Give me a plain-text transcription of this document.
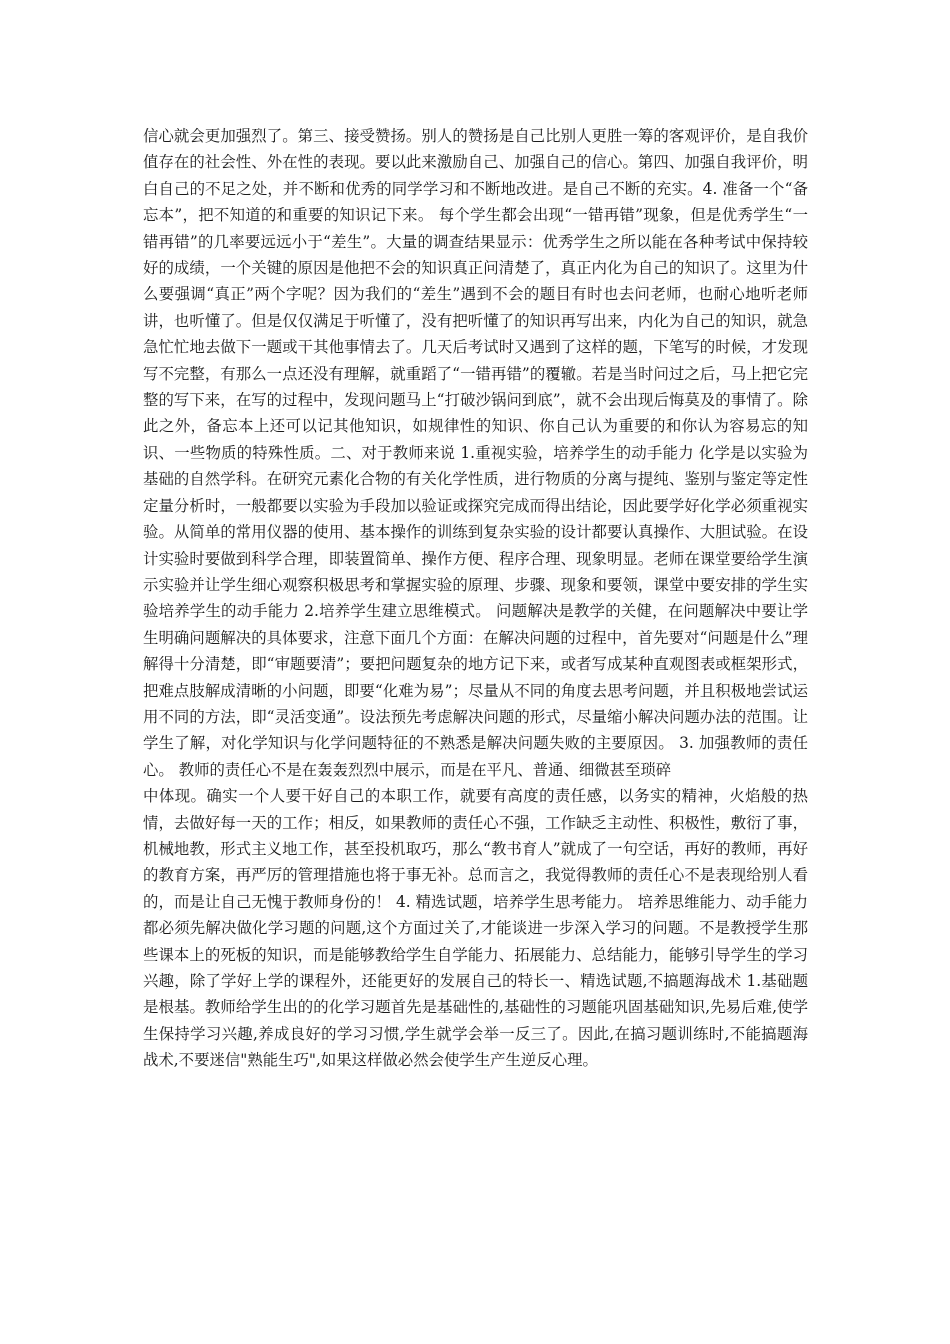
信心就会更加强烈了。第三、接受赞扬。别人的赞扬是自己比别人更胜一筹的客观评价，是自我价值存在的社会性、外在性的表现。要以此来激励自己、加强自己的信心。第四、加强自我评价，明白自己的不足之处，并不断和优秀的同学学习和不断地改进。是自己不断的充实。4. 准备一个“备忘本”，把不知道的和重要的知识记下来。 每个学生都会出现“一错再错”现象，但是优秀学生“一错再错”的几率要远远小于“差生”。大量的调查结果显示：优秀学生之所以能在各种考试中保持较好的成绩，一个关键的原因是他把不会的知识真正问清楚了，真正内化为自己的知识了。这里为什么要强调“真正”两个字呢？因为我们的“差生”遇到不会的题目有时也去问老师，也耐心地听老师讲，也听懂了。但是仅仅满足于听懂了，没有把听懂了的知识再写出来，内化为自己的知识，就急急忙忙地去做下一题或干其他事情去了。几天后考试时又遇到了这样的题，下笔写的时候，才发现写不完整，有那么一点还没有理解，就重蹈了“一错再错”的覆辙。若是当时问过之后，马上把它完整的写下来，在写的过程中，发现问题马上“打破沙锅问到底”，就不会出现后悔莫及的事情了。除此之外，备忘本上还可以记其他知识，如规律性的知识、你自己认为重要的和你认为容易忘的知识、一些物质的特殊性质。二、对于教师来说 1.重视实验，培养学生的动手能力 化学是以实验为基础的自然学科。在研究元素化合物的有关化学性质，进行物质的分离与提纯、鉴别与鉴定等定性定量分析时，一般都要以实验为手段加以验证或探究完成而得出结论，因此要学好化学必须重视实验。从简单的常用仪器的使用、基本操作的训练到复杂实验的设计都要认真操作、大胆试验。在设计实验时要做到科学合理，即装置简单、操作方便、程序合理、现象明显。老师在课堂要给学生演示实验并让学生细心观察积极思考和掌握实验的原理、步骤、现象和要领，课堂中要安排的学生实验培养学生的动手能力 2.培养学生建立思维模式。 问题解决是教学的关健，在问题解决中要让学生明确问题解决的具体要求，注意下面几个方面：在解决问题的过程中，首先要对“问题是什么”理解得十分清楚，即“审题要清”；要把问题复杂的地方记下来，或者写成某种直观图表或框架形式，把难点肢解成清晰的小问题，即要“化难为易”；尽量从不同的角度去思考问题，并且积极地尝试运用不同的方法，即“灵活变通”。设法预先考虑解决问题的形式，尽量缩小解决问题办法的范围。让学生了解，对化学知识与化学问题特征的不熟悉是解决问题失败的主要原因。 3. 加强教师的责任心。 教师的责任心不是在轰轰烈烈中展示，而是在平凡、普通、细微甚至琐碎

中体现。确实一个人要干好自己的本职工作，就要有高度的责任感，以务实的精神，火焰般的热情，去做好每一天的工作；相反，如果教师的责任心不强，工作缺乏主动性、积极性，敷衍了事，机械地教，形式主义地工作，甚至投机取巧，那么“教书育人”就成了一句空话，再好的教师，再好的教育方案，再严厉的管理措施也将于事无补。总而言之，我觉得教师的责任心不是表现给别人看的，而是让自己无愧于教师身份的！ 4. 精选试题，培养学生思考能力。 培养思维能力、动手能力都必须先解决做化学习题的问题,这个方面过关了,才能谈进一步深入学习的问题。不是教授学生那些课本上的死板的知识，而是能够教给学生自学能力、拓展能力、总结能力，能够引导学生的学习兴趣，除了学好上学的课程外，还能更好的发展自己的特长一、精选试题,不搞题海战术 1.基础题是根基。教师给学生出的的化学习题首先是基础性的,基础性的习题能巩固基础知识,先易后难,使学生保持学习兴趣,养成良好的学习习惯,学生就学会举一反三了。因此,在搞习题训练时,不能搞题海战术,不要迷信"熟能生巧",如果这样做必然会使学生产生逆反心理。
